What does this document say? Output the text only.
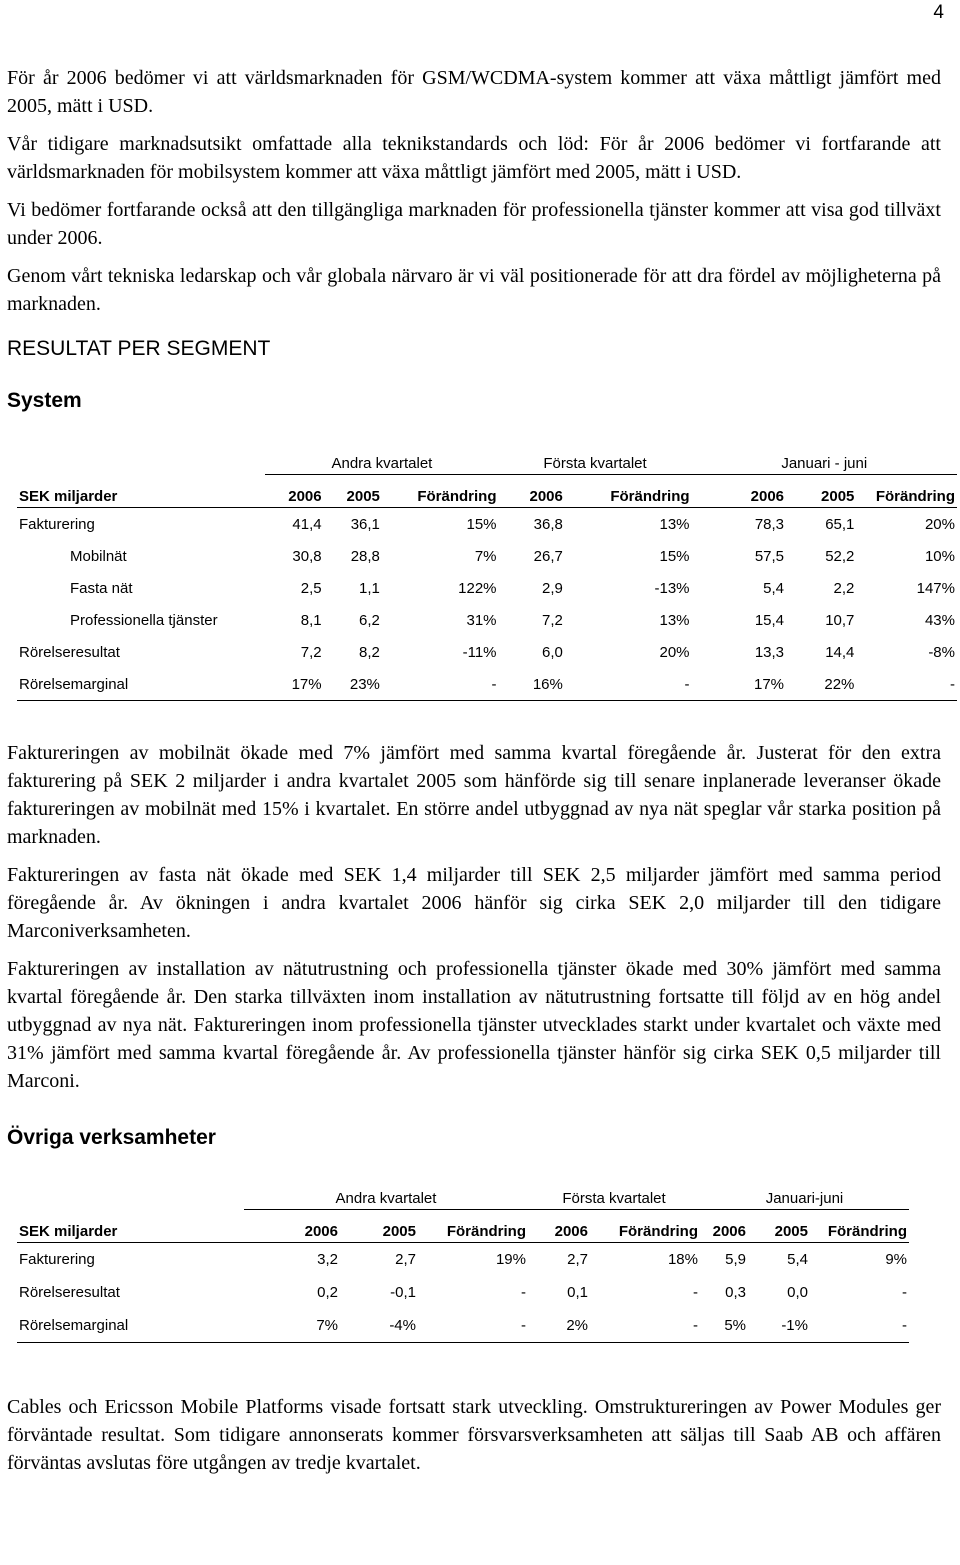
4

För år 2006 bedömer vi att världsmarknaden för GSM/WCDMA-system kommer att växa måttligt jämfört med 2005, mätt i USD.

Vår tidigare marknadsutsikt omfattade alla teknikstandards och löd: För år 2006 bedömer vi fortfarande att världsmarknaden för mobilsystem kommer att växa måttligt jämfört med 2005, mätt i USD.

Vi bedömer fortfarande också att den tillgängliga marknaden för professionella tjänster kommer att visa god tillväxt under 2006.

Genom vårt tekniska ledarskap och vår globala närvaro är vi väl positionerade för att dra fördel av möjligheterna på marknaden.

RESULTAT PER SEGMENT
System
	Andra kvartalet			Första kvartalet		Januari - juni		
SEK miljarder	2006	2005	Förändring	2006	Förändring	2006	2005	Förändring
Fakturering	41,4	36,1	15%	36,8	13%	78,3	65,1	20%
Mobilnät	30,8	28,8	7%	26,7	15%	57,5	52,2	10%
Fasta nät	2,5	1,1	122%	2,9	-13%	5,4	2,2	147%
Professionella tjänster	8,1	6,2	31%	7,2	13%	15,4	10,7	43%
Rörelseresultat	7,2	8,2	-11%	6,0	20%	13,3	14,4	-8%
Rörelsemarginal	17%	23%	-	16%	-	17%	22%	-

Faktureringen av mobilnät ökade med 7% jämfört med samma kvartal föregående år. Justerat för den extra fakturering på SEK 2 miljarder i andra kvartalet 2005 som hänförde sig till senare inplanerade leveranser ökade faktureringen av mobilnät med 15% i kvartalet. En större andel utbyggnad av nya nät speglar vår starka position på marknaden.

Faktureringen av fasta nät ökade med SEK 1,4 miljarder till SEK 2,5 miljarder jämfört med samma period föregående år. Av ökningen i andra kvartalet 2006 hänför sig cirka SEK 2,0 miljarder till den tidigare Marconiverksamheten.

Faktureringen av installation av nätutrustning och professionella tjänster ökade med 30% jämfört med samma kvartal föregående år. Den starka tillväxten inom installation av nätutrustning fortsatte till följd av en hög andel utbyggnad av nya nät. Faktureringen inom professionella tjänster utvecklades starkt under kvartalet och växte med 31% jämfört med samma kvartal föregående år. Av professionella tjänster hänför sig cirka SEK 0,5 miljarder till Marconi.

Övriga verksamheter
	Andra kvartalet			Första kvartalet		Januari-juni		
SEK miljarder	2006	2005	Förändring	2006	Förändring	2006	2005	Förändring
Fakturering	3,2	2,7	19%	2,7	18%	5,9	5,4	9%
Rörelseresultat	0,2	-0,1	-	0,1	-	0,3	0,0	-
Rörelsemarginal	7%	-4%	-	2%	-	5%	-1%	-

Cables och Ericsson Mobile Platforms visade fortsatt stark utveckling. Omstruktureringen av Power Modules ger förväntade resultat. Som tidigare annonserats kommer försvarsverksamheten att säljas till Saab AB och affären förväntas avslutas före utgången av tredje kvartalet.
